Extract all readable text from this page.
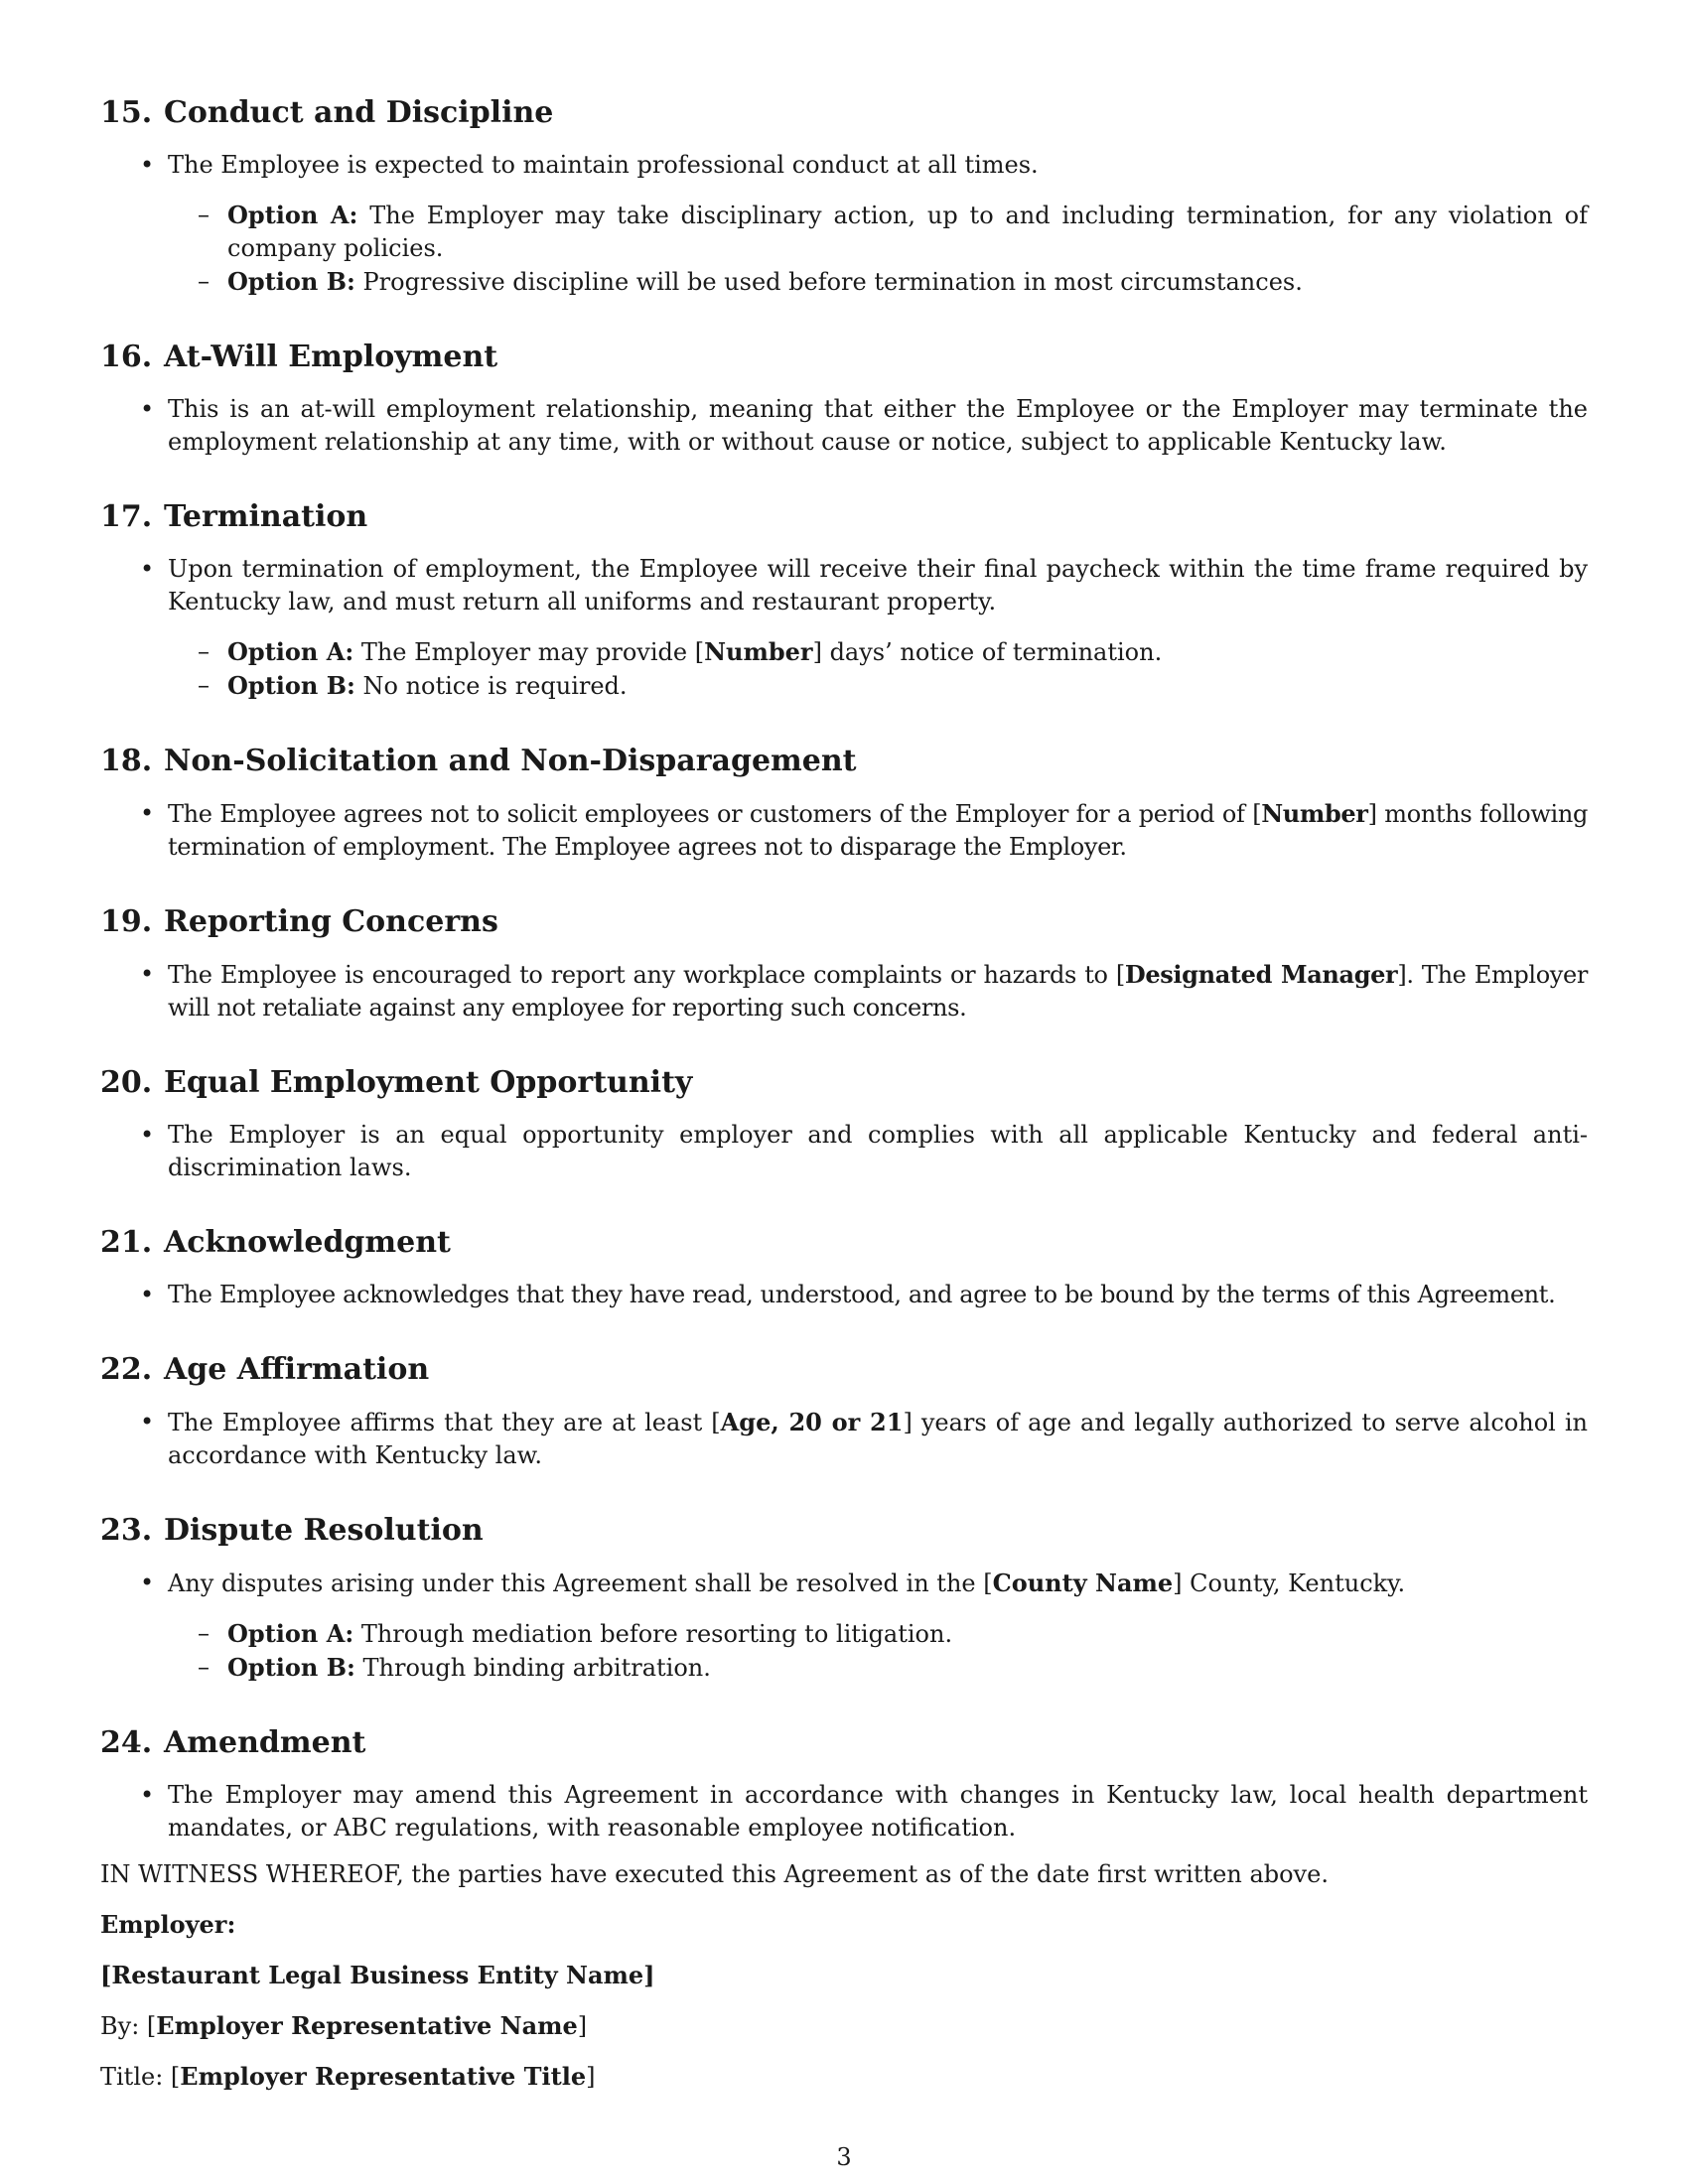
15. Conduct and Discipline
• The Employee is expected to maintain professional conduct at all times.
– Option A: The Employer may take disciplinary action, up to and including termination, for any violation of company policies.
– Option B: Progressive discipline will be used before termination in most circumstances.
16. At-Will Employment
• This is an at-will employment relationship, meaning that either the Employee or the Employer may terminate the employment relationship at any time, with or without cause or notice, subject to applicable Kentucky law.
17. Termination
• Upon termination of employment, the Employee will receive their final paycheck within the time frame required by Kentucky law, and must return all uniforms and restaurant property.
– Option A: The Employer may provide [Number] days’ notice of termination.
– Option B: No notice is required.
18. Non-Solicitation and Non-Disparagement
• The Employee agrees not to solicit employees or customers of the Employer for a period of [Number] months following termination of employment. The Employee agrees not to disparage the Employer.
19. Reporting Concerns
• The Employee is encouraged to report any workplace complaints or hazards to [Designated Manager]. The Employer will not retaliate against any employee for reporting such concerns.
20. Equal Employment Opportunity
• The Employer is an equal opportunity employer and complies with all applicable Kentucky and federal anti-discrimination laws.
21. Acknowledgment
• The Employee acknowledges that they have read, understood, and agree to be bound by the terms of this Agreement.
22. Age Affirmation
• The Employee affirms that they are at least [Age, 20 or 21] years of age and legally authorized to serve alcohol in accordance with Kentucky law.
23. Dispute Resolution
• Any disputes arising under this Agreement shall be resolved in the [County Name] County, Kentucky.
– Option A: Through mediation before resorting to litigation.
– Option B: Through binding arbitration.
24. Amendment
• The Employer may amend this Agreement in accordance with changes in Kentucky law, local health department mandates, or ABC regulations, with reasonable employee notification.

IN WITNESS WHEREOF, the parties have executed this Agreement as of the date first written above.

Employer:

[Restaurant Legal Business Entity Name]

By: [Employer Representative Name]

Title: [Employer Representative Title]

3
